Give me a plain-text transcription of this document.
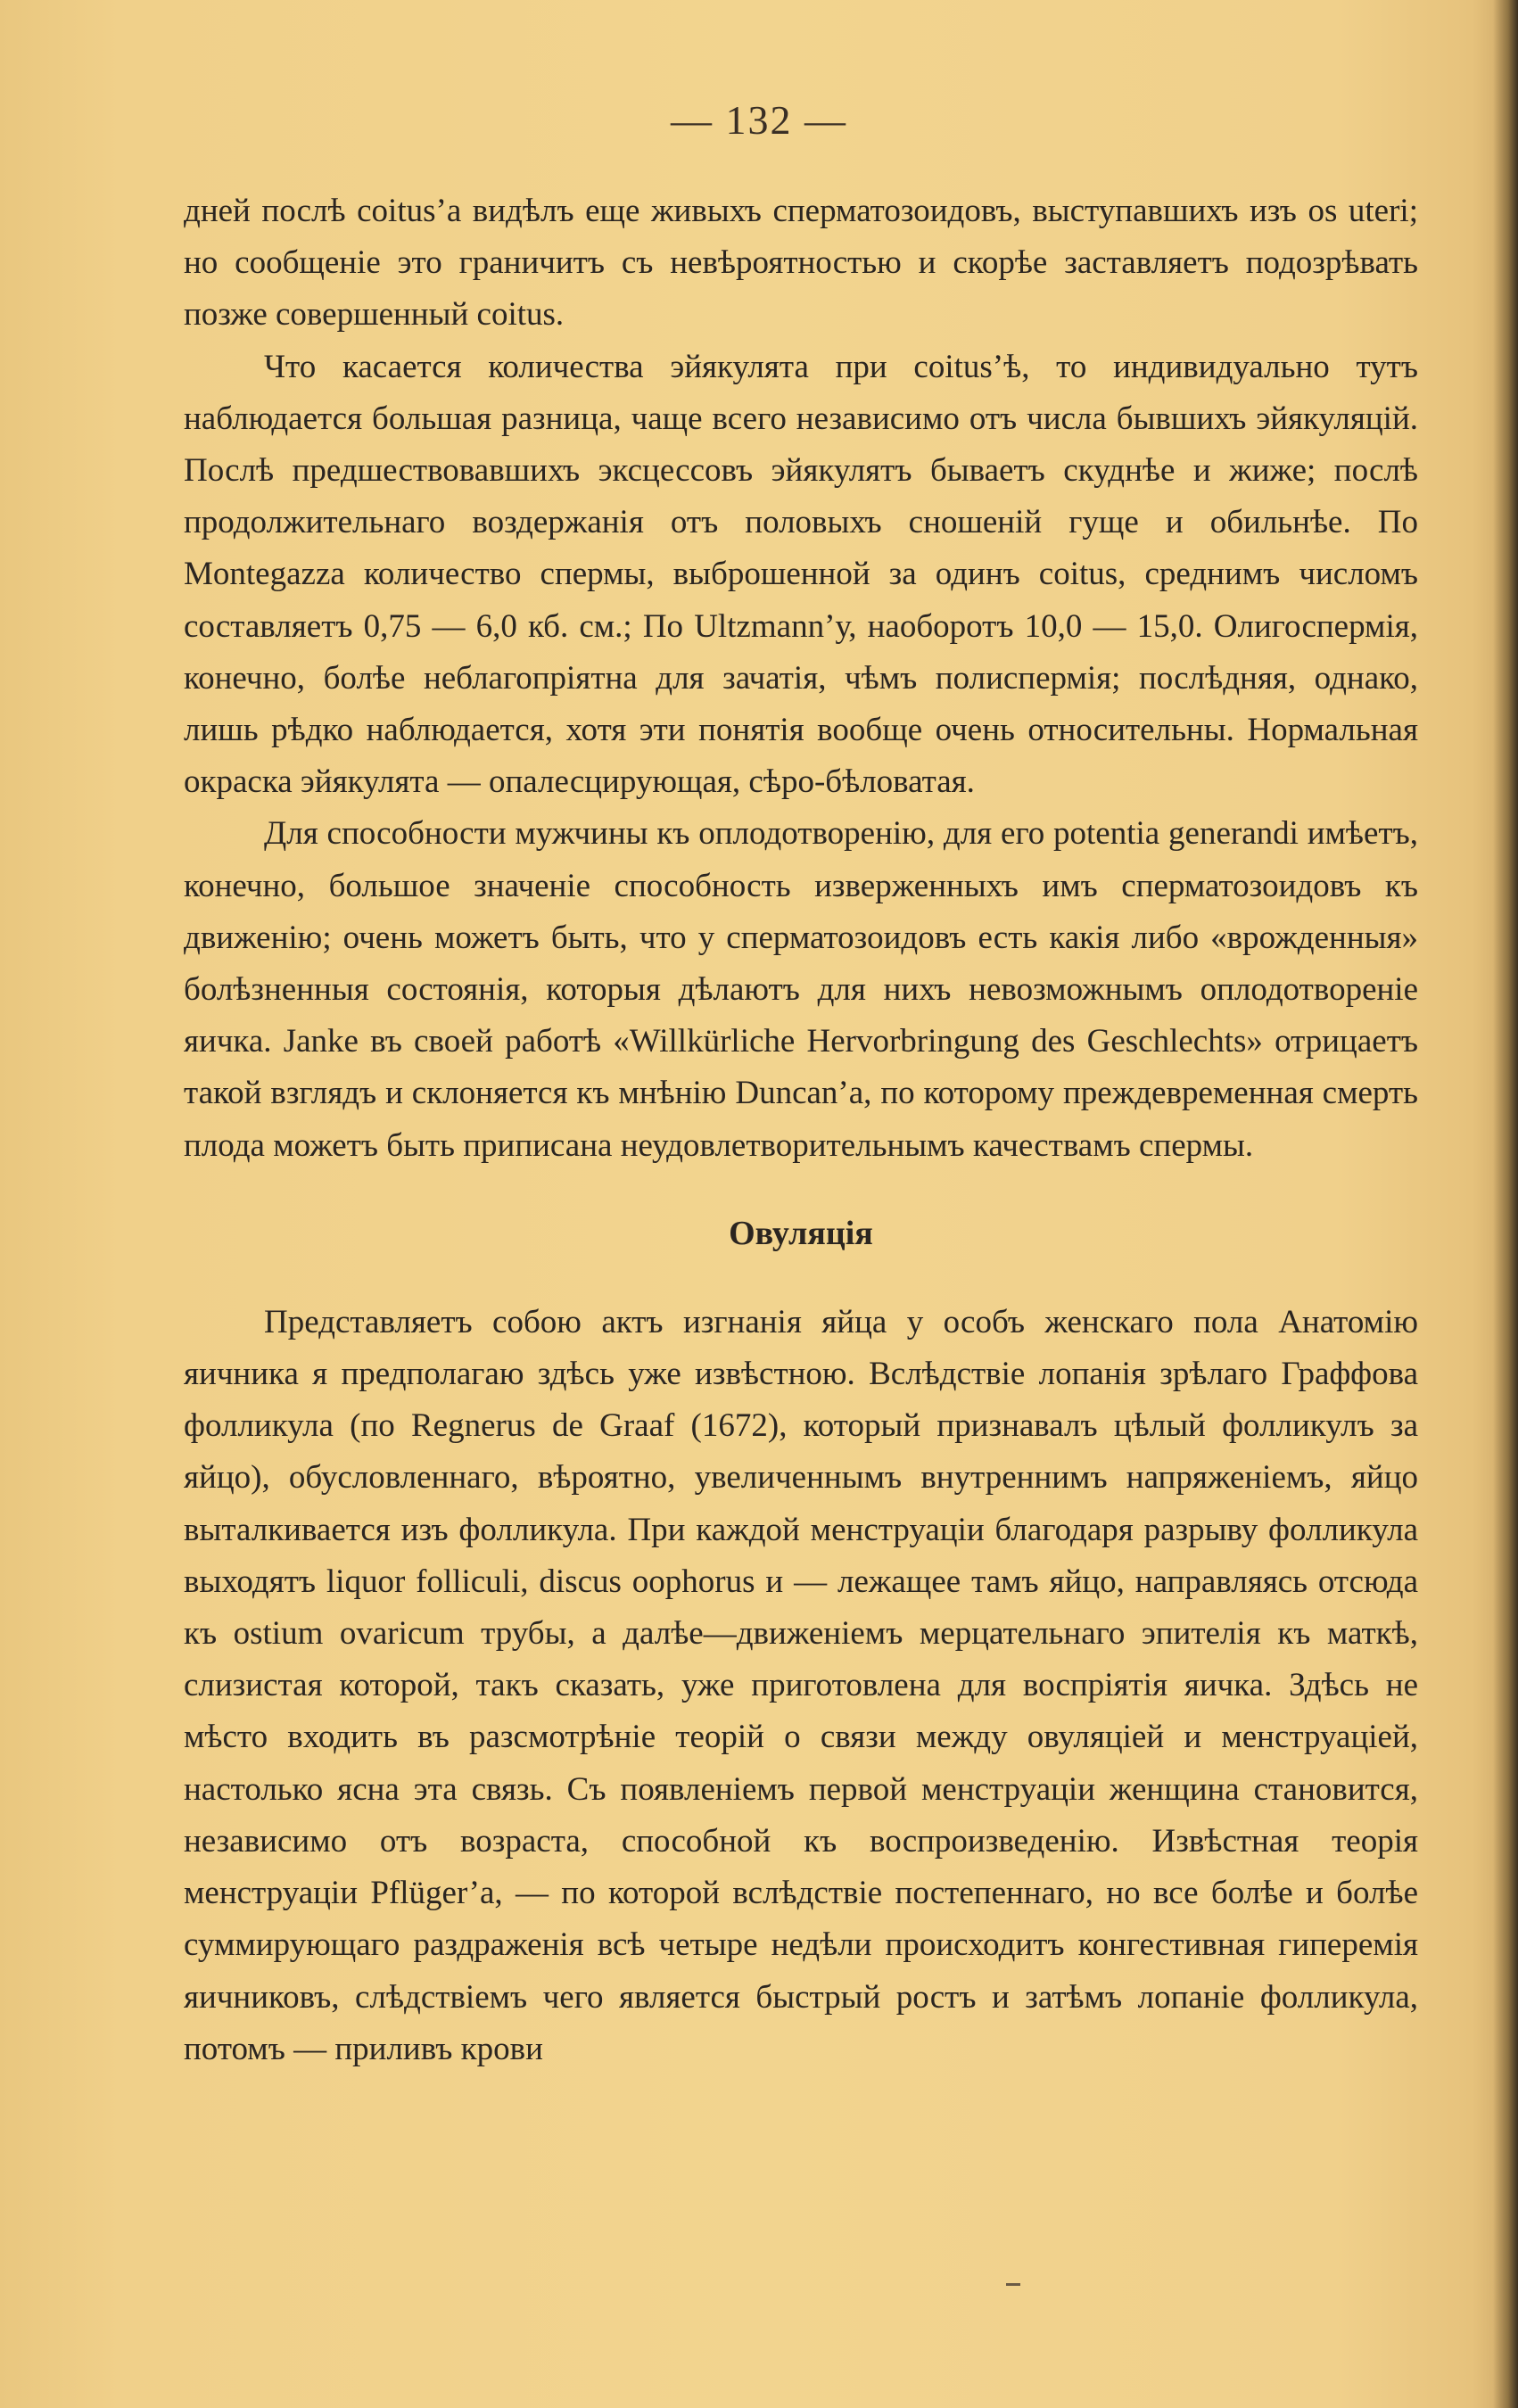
— 132 —

дней послѣ coitus’а видѣлъ еще живыхъ сперматозоидовъ, выступавшихъ изъ os uteri; но сообщеніе это граничитъ съ невѣроятностью и скорѣе заставляетъ подозрѣвать позже совершенный coitus.

Что касается количества эйякулята при coitus’ѣ, то индивидуально тутъ наблюдается большая разница, чаще всего независимо отъ числа бывшихъ эйякуляцій. Послѣ предшествовавшихъ эксцессовъ эйякулятъ бываетъ скуднѣе и жиже; послѣ продолжительнаго воздержанія отъ половыхъ сношеній гуще и обильнѣе. По Montegazza количество спермы, выброшенной за одинъ coitus, среднимъ числомъ составляетъ 0,75 — 6,0 кб. см.; По Ultzmann’у, наоборотъ 10,0 — 15,0. Олигоспермія, конечно, болѣе неблагопріятна для зачатія, чѣмъ полиспермія; послѣдняя, однако, лишь рѣдко наблюдается, хотя эти понятія вообще очень относительны. Нормальная окраска эйякулята — опалесцирующая, сѣро-бѣловатая.

Для способности мужчины къ оплодотворенію, для его potentia generandi имѣетъ, конечно, большое значеніе способность изверженныхъ имъ сперматозоидовъ къ движенію; очень можетъ быть, что у сперматозоидовъ есть какія либо «врожденныя» болѣзненныя состоянія, которыя дѣлаютъ для нихъ невозможнымъ оплодотвореніе яичка. Janke въ своей работѣ «Willkürliche Hervorbringung des Geschlechts» отрицаетъ такой взглядъ и склоняется къ мнѣнію Duncan’а, по которому преждевременная смерть плода можетъ быть приписана неудовлетворительнымъ качествамъ спермы.

Овуляція

Представляетъ собою актъ изгнанія яйца у особъ женскаго пола Анатомію яичника я предполагаю здѣсь уже извѣстною. Вслѣдствіе лопанія зрѣлаго Граффова фолликула (по Regnerus de Graaf (1672), который признавалъ цѣлый фолликулъ за яйцо), обусловленнаго, вѣроятно, увеличеннымъ внутреннимъ напряженіемъ, яйцо выталкивается изъ фолликула. При каждой менструаціи благодаря разрыву фолликула выходятъ liquor folliculi, discus oophorus и — лежащее тамъ яйцо, направляясь отсюда къ ostium ovaricum трубы, а далѣе—движеніемъ мерцательнаго эпителія къ маткѣ, слизистая которой, такъ сказать, уже приготовлена для воспріятія яичка. Здѣсь не мѣсто входить въ разсмотрѣніе теорій о связи между овуляціей и менструаціей, настолько ясна эта связь. Съ появленіемъ первой менструаціи женщина становится, независимо отъ возраста, способной къ воспроизведенію. Извѣстная теорія менструаціи Pflüger’а, — по которой вслѣдствіе постепеннаго, но все болѣе и болѣе суммирующаго раздраженія всѣ четыре недѣли происходитъ конгестивная гиперемія яичниковъ, слѣдствіемъ чего является быстрый ростъ и затѣмъ лопаніе фолликула, потомъ — приливъ крови
